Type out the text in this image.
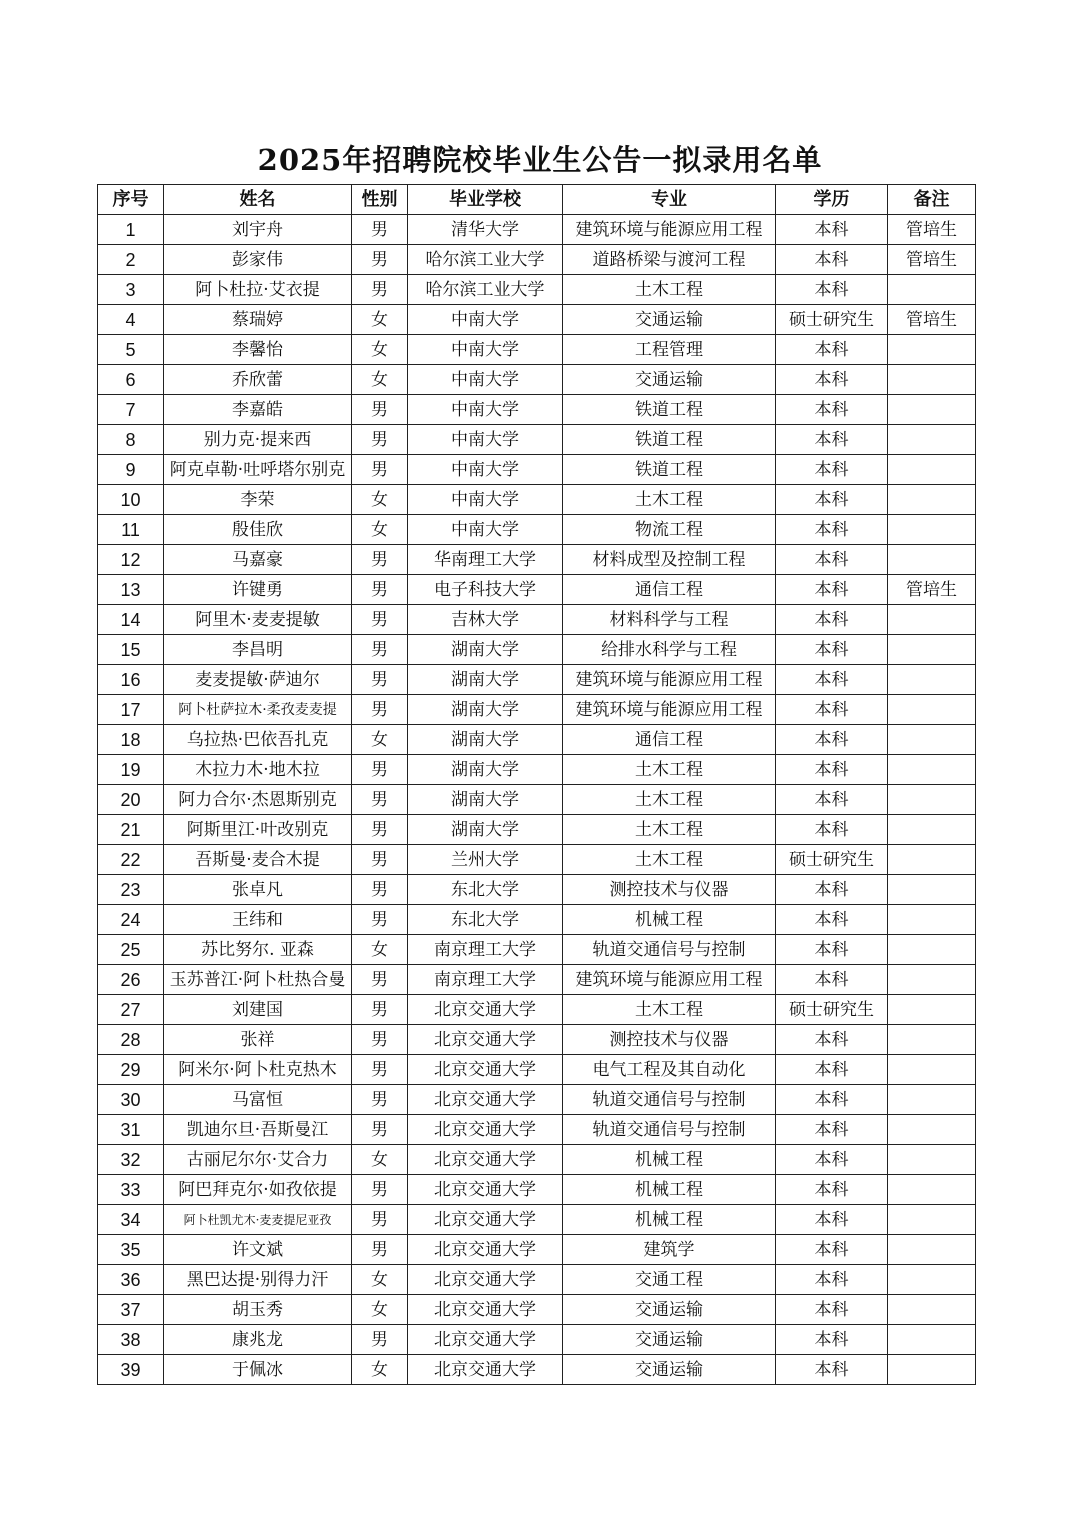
2025年招聘院校毕业生公告一拟录用名单
序号	姓名	性别	毕业学校	专业	学历	备注
1	刘宇舟	男	清华大学	建筑环境与能源应用工程	本科	管培生
2	彭家伟	男	哈尔滨工业大学	道路桥梁与渡河工程	本科	管培生
3	阿卜杜拉·艾衣提	男	哈尔滨工业大学	土木工程	本科	
4	蔡瑞婷	女	中南大学	交通运输	硕士研究生	管培生
5	李馨怡	女	中南大学	工程管理	本科	
6	乔欣蕾	女	中南大学	交通运输	本科	
7	李嘉皓	男	中南大学	铁道工程	本科	
8	别力克·提来西	男	中南大学	铁道工程	本科	
9	阿克卓勒·吐呼塔尔别克	男	中南大学	铁道工程	本科	
10	李荣	女	中南大学	土木工程	本科	
11	殷佳欣	女	中南大学	物流工程	本科	
12	马嘉豪	男	华南理工大学	材料成型及控制工程	本科	
13	许键勇	男	电子科技大学	通信工程	本科	管培生
14	阿里木·麦麦提敏	男	吉林大学	材料科学与工程	本科	
15	李昌明	男	湖南大学	给排水科学与工程	本科	
16	麦麦提敏·萨迪尔	男	湖南大学	建筑环境与能源应用工程	本科	
17	阿卜杜萨拉木·柔孜麦麦提	男	湖南大学	建筑环境与能源应用工程	本科	
18	乌拉热·巴依吾扎克	女	湖南大学	通信工程	本科	
19	木拉力木·地木拉	男	湖南大学	土木工程	本科	
20	阿力合尔·杰恩斯别克	男	湖南大学	土木工程	本科	
21	阿斯里江·叶改别克	男	湖南大学	土木工程	本科	
22	吾斯曼·麦合木提	男	兰州大学	土木工程	硕士研究生	
23	张卓凡	男	东北大学	测控技术与仪器	本科	
24	王纬和	男	东北大学	机械工程	本科	
25	苏比努尔. 亚森	女	南京理工大学	轨道交通信号与控制	本科	
26	玉苏普江·阿卜杜热合曼	男	南京理工大学	建筑环境与能源应用工程	本科	
27	刘建国	男	北京交通大学	土木工程	硕士研究生	
28	张祥	男	北京交通大学	测控技术与仪器	本科	
29	阿米尔·阿卜杜克热木	男	北京交通大学	电气工程及其自动化	本科	
30	马富恒	男	北京交通大学	轨道交通信号与控制	本科	
31	凯迪尔旦·吾斯曼江	男	北京交通大学	轨道交通信号与控制	本科	
32	古丽尼尔尔·艾合力	女	北京交通大学	机械工程	本科	
33	阿巴拜克尔·如孜依提	男	北京交通大学	机械工程	本科	
34	阿卜杜凯尤木·麦麦提尼亚孜	男	北京交通大学	机械工程	本科	
35	许文斌	男	北京交通大学	建筑学	本科	
36	黑巴达提·别得力汗	女	北京交通大学	交通工程	本科	
37	胡玉秀	女	北京交通大学	交通运输	本科	
38	康兆龙	男	北京交通大学	交通运输	本科	
39	于佩冰	女	北京交通大学	交通运输	本科	
